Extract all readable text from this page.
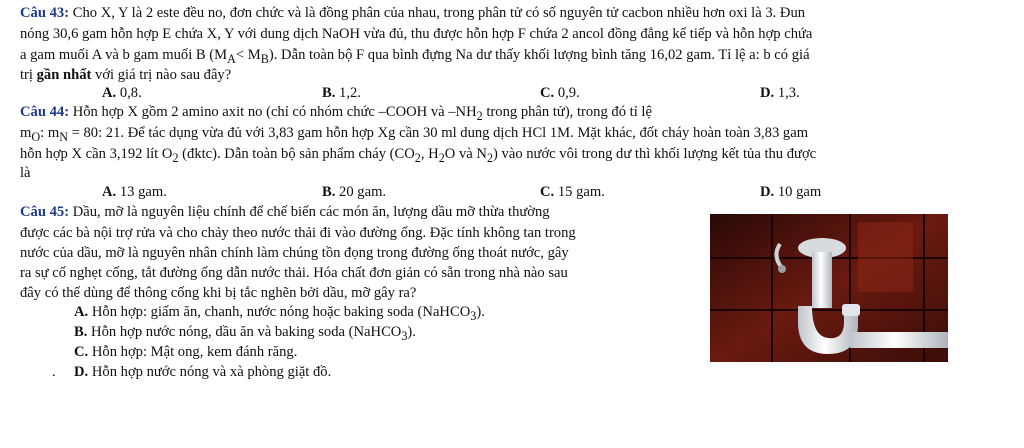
Câu 43: Cho X, Y là 2 este đều no, đơn chức và là đồng phân của nhau, trong phân tử có số nguyên tử cacbon nhiều hơn oxi là 3. Đun
nóng 30,6 gam hỗn hợp E chứa X, Y với dung dịch NaOH vừa đủ, thu được hỗn hợp F chứa 2 ancol đồng đẳng kế tiếp và hỗn hợp chứa
a gam muối A và b gam muối B $(M_A< M_B)$. Dẫn toàn bộ F qua bình đựng Na dư thấy khối lượng bình tăng 16,02 gam. Tỉ lệ a: b có giá
trị gần nhất với giá trị nào sau đây?
A. 0,8.	B. 1,2.	C. 0,9.	D. 1,3.
Câu 44: Hỗn hợp X gồm 2 amino axit no (chỉ có nhóm chức –COOH và $-NH_2$ trong phân tử), trong đó tỉ lệ
$m_O$: $m_N = 80$: 21. Để tác dụng vừa đủ với 3,83 gam hỗn hợp Xg cần 30 ml dung dịch HCl 1M. Mặt khác, đốt cháy hoàn toàn 3,83 gam
hỗn hợp X cần 3,192 lít $O_2$ (đktc). Dẫn toàn bộ sản phẩm cháy ($CO_2$, $H_2O$ và $N_2$) vào nước vôi trong dư thì khối lượng kết tủa thu được
là
A. 13 gam.	B. 20 gam.	C. 15 gam.	D. 10 gam
Câu 45: Dầu, mỡ là nguyên liệu chính để chế biến các món ăn, lượng dầu mỡ thừa thường
được các bà nội trợ rửa và cho chảy theo nước thải đi vào đường ống. Đặc tính không tan trong
nước của dầu, mỡ là nguyên nhân chính làm chúng tồn đọng trong đường ống thoát nước, gây
ra sự cố nghẹt cống, tắt đường ống dẫn nước thải. Hóa chất đơn giản có sẵn trong nhà nào sau
đây có thể dùng để thông cống khi bị tắc nghẽn bởi dầu, mỡ gây ra?
A. Hỗn hợp: giấm ăn, chanh, nước nóng hoặc baking soda (NaHCO$_3$).
B. Hỗn hợp nước nóng, dầu ăn và baking soda (NaHCO$_3$).
C. Hỗn hợp: Mật ong, kem đánh răng.
. D. Hỗn hợp nước nóng và xà phòng giặt đồ.
